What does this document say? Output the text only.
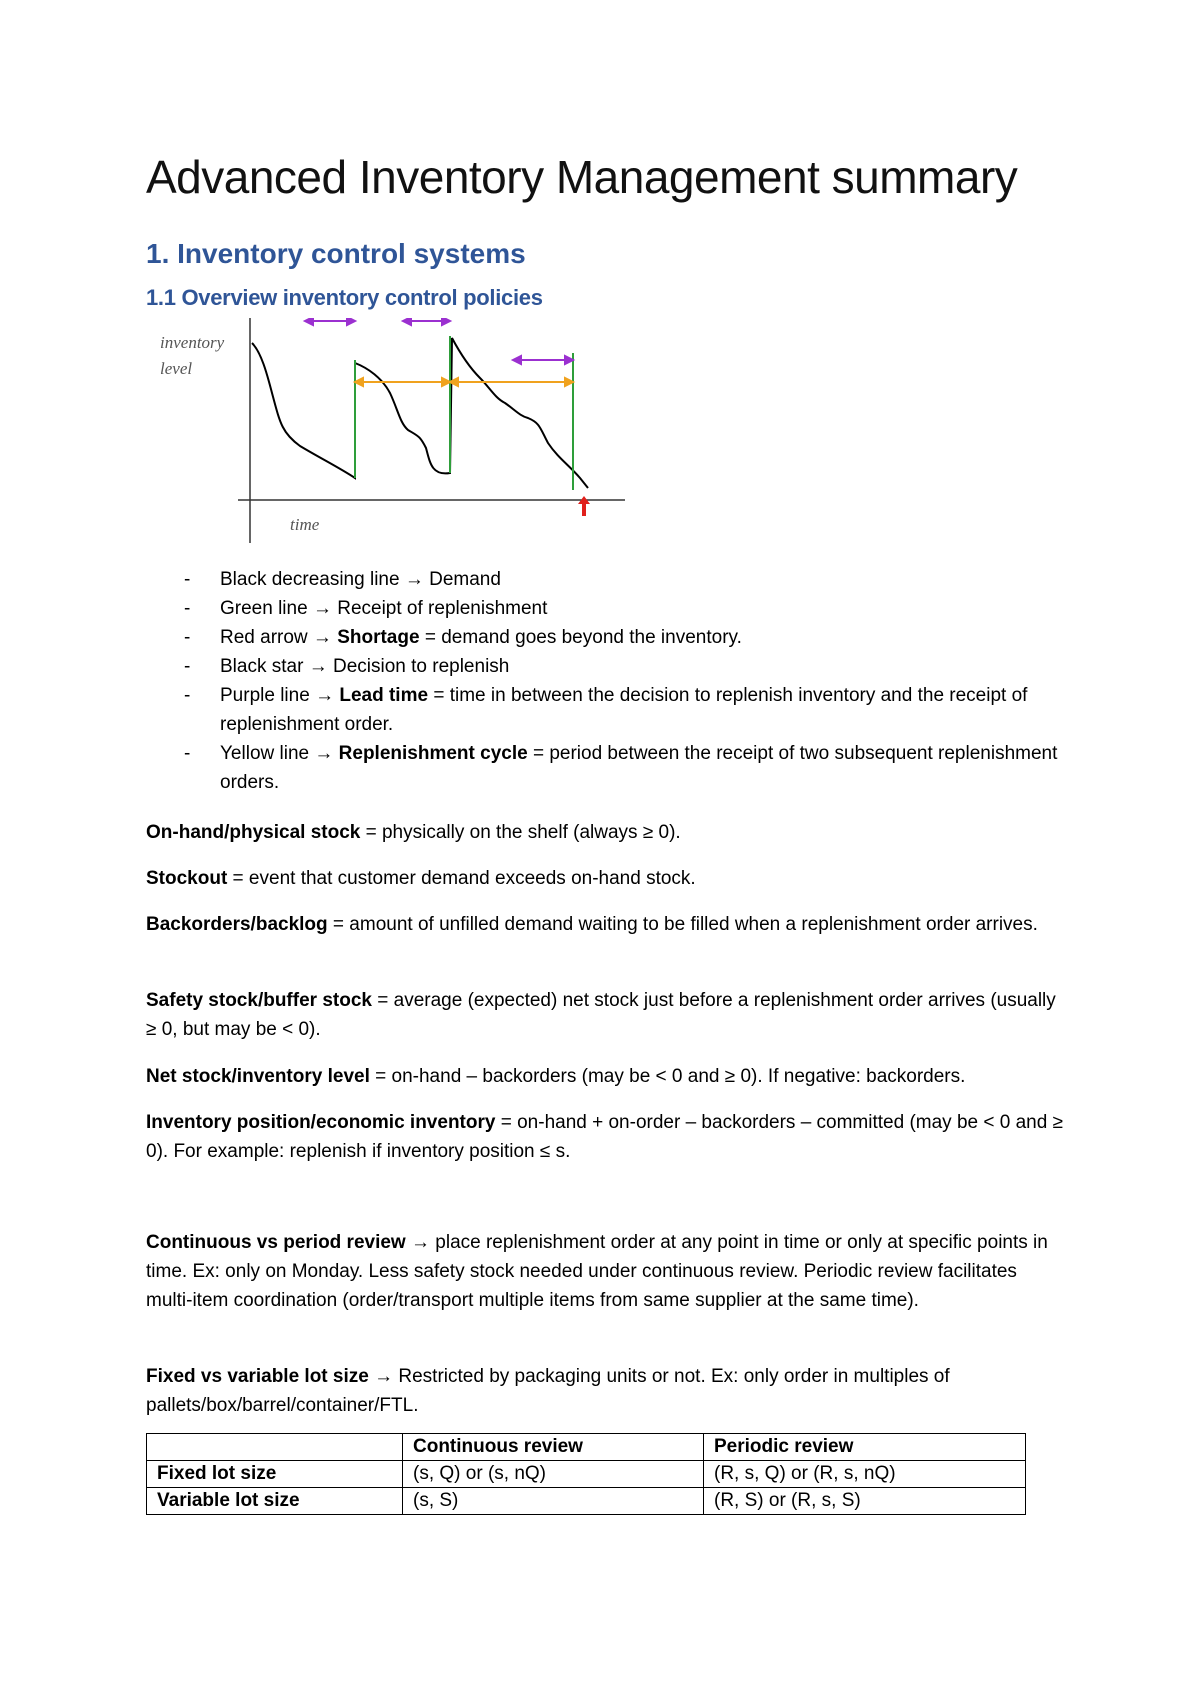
Advanced Inventory Management summary
1. Inventory control systems
1.1 Overview inventory control policies
inventory
level
time
- Black decreasing line → Demand
- Green line → Receipt of replenishment
- Red arrow → Shortage = demand goes beyond the inventory.
- Black star → Decision to replenish
- Purple line → Lead time = time in between the decision to replenish inventory and the receipt of replenishment order.
- Yellow line → Replenishment cycle = period between the receipt of two subsequent replenishment orders.

On-hand/physical stock = physically on the shelf (always ≥ 0).

Stockout = event that customer demand exceeds on-hand stock.

Backorders/backlog = amount of unfilled demand waiting to be filled when a replenishment order arrives.

Safety stock/buffer stock = average (expected) net stock just before a replenishment order arrives (usually ≥ 0, but may be < 0).

Net stock/inventory level = on-hand – backorders (may be < 0 and ≥ 0). If negative: backorders.

Inventory position/economic inventory = on-hand + on-order – backorders – committed (may be < 0 and ≥ 0). For example: replenish if inventory position ≤ s.

Continuous vs period review → place replenishment order at any point in time or only at specific points in time. Ex: only on Monday. Less safety stock needed under continuous review. Periodic review facilitates multi-item coordination (order/transport multiple items from same supplier at the same time).

Fixed vs variable lot size → Restricted by packaging units or not. Ex: only order in multiples of pallets/box/barrel/container/FTL.

	Continuous review	Periodic review
Fixed lot size	(s, Q) or (s, nQ)	(R, s, Q) or (R, s, nQ)
Variable lot size	(s, S)	(R, S) or (R, s, S)
